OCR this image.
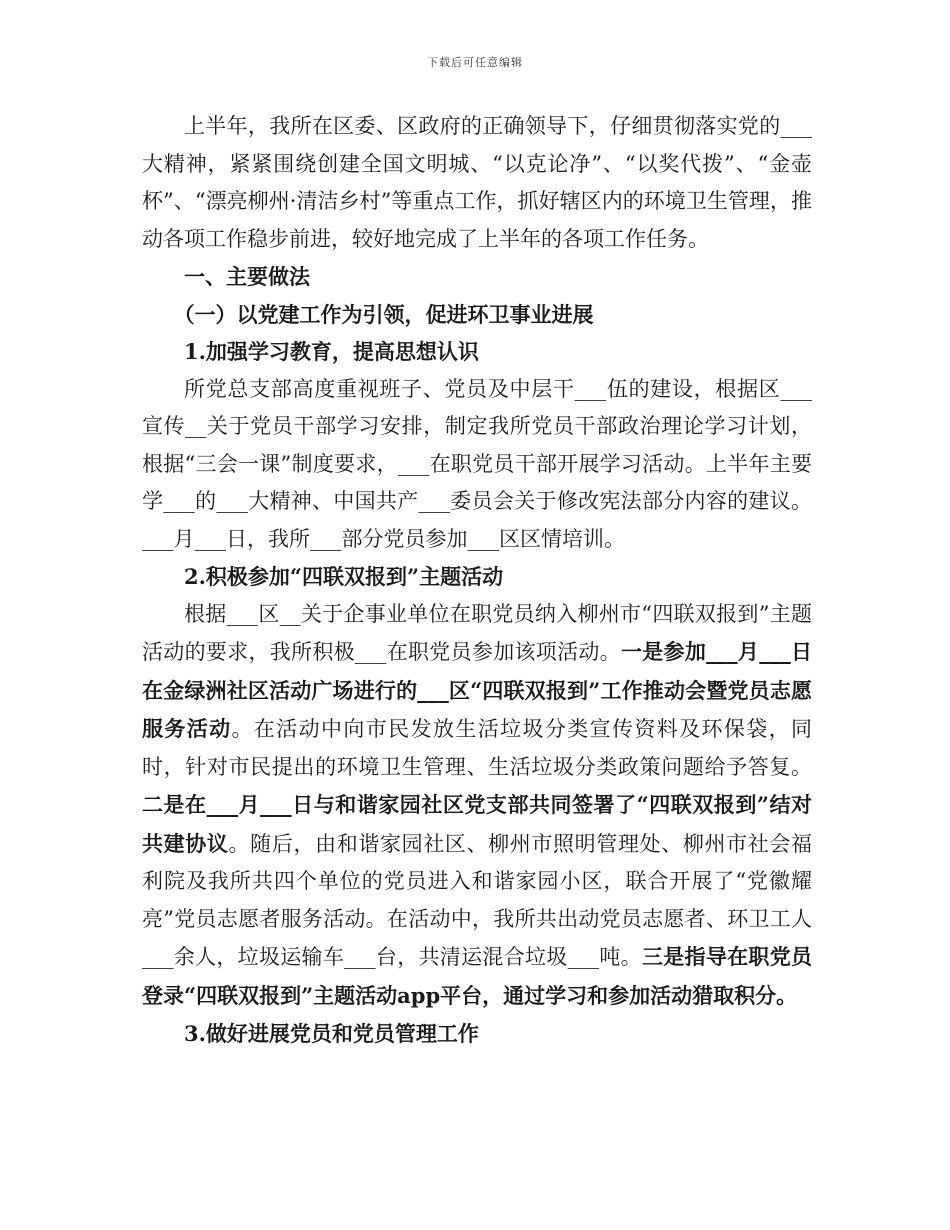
下载后可任意编辑

上半年，我所在区委、区政府的正确领导下，仔细贯彻落实党的___大精神，紧紧围绕创建全国文明城、“以克论净”、“以奖代拨”、“金壶杯”、“漂亮柳州·清洁乡村”等重点工作，抓好辖区内的环境卫生管理，推动各项工作稳步前进，较好地完成了上半年的各项工作任务。

一、主要做法

（一）以党建工作为引领，促进环卫事业进展

1.加强学习教育，提高思想认识

所党总支部高度重视班子、党员及中层干___伍的建设，根据区___宣传__关于党员干部学习安排，制定我所党员干部政治理论学习计划，根据“三会一课”制度要求，___在职党员干部开展学习活动。上半年主要学___的___大精神、中国共产___委员会关于修改宪法部分内容的建议。___月___日，我所___部分党员参加___区区情培训。

2.积极参加“四联双报到”主题活动

根据___区__关于企事业单位在职党员纳入柳州市“四联双报到”主题活动的要求，我所积极___在职党员参加该项活动。一是参加___月___日在金绿洲社区活动广场进行的___区“四联双报到”工作推动会暨党员志愿服务活动。在活动中向市民发放生活垃圾分类宣传资料及环保袋，同时，针对市民提出的环境卫生管理、生活垃圾分类政策问题给予答复。二是在___月___日与和谐家园社区党支部共同签署了“四联双报到”结对共建协议。随后，由和谐家园社区、柳州市照明管理处、柳州市社会福利院及我所共四个单位的党员进入和谐家园小区，联合开展了“党徽耀亮”党员志愿者服务活动。在活动中，我所共出动党员志愿者、环卫工人___余人，垃圾运输车___台，共清运混合垃圾___吨。三是指导在职党员登录“四联双报到”主题活动app平台，通过学习和参加活动猎取积分。

3.做好进展党员和党员管理工作
